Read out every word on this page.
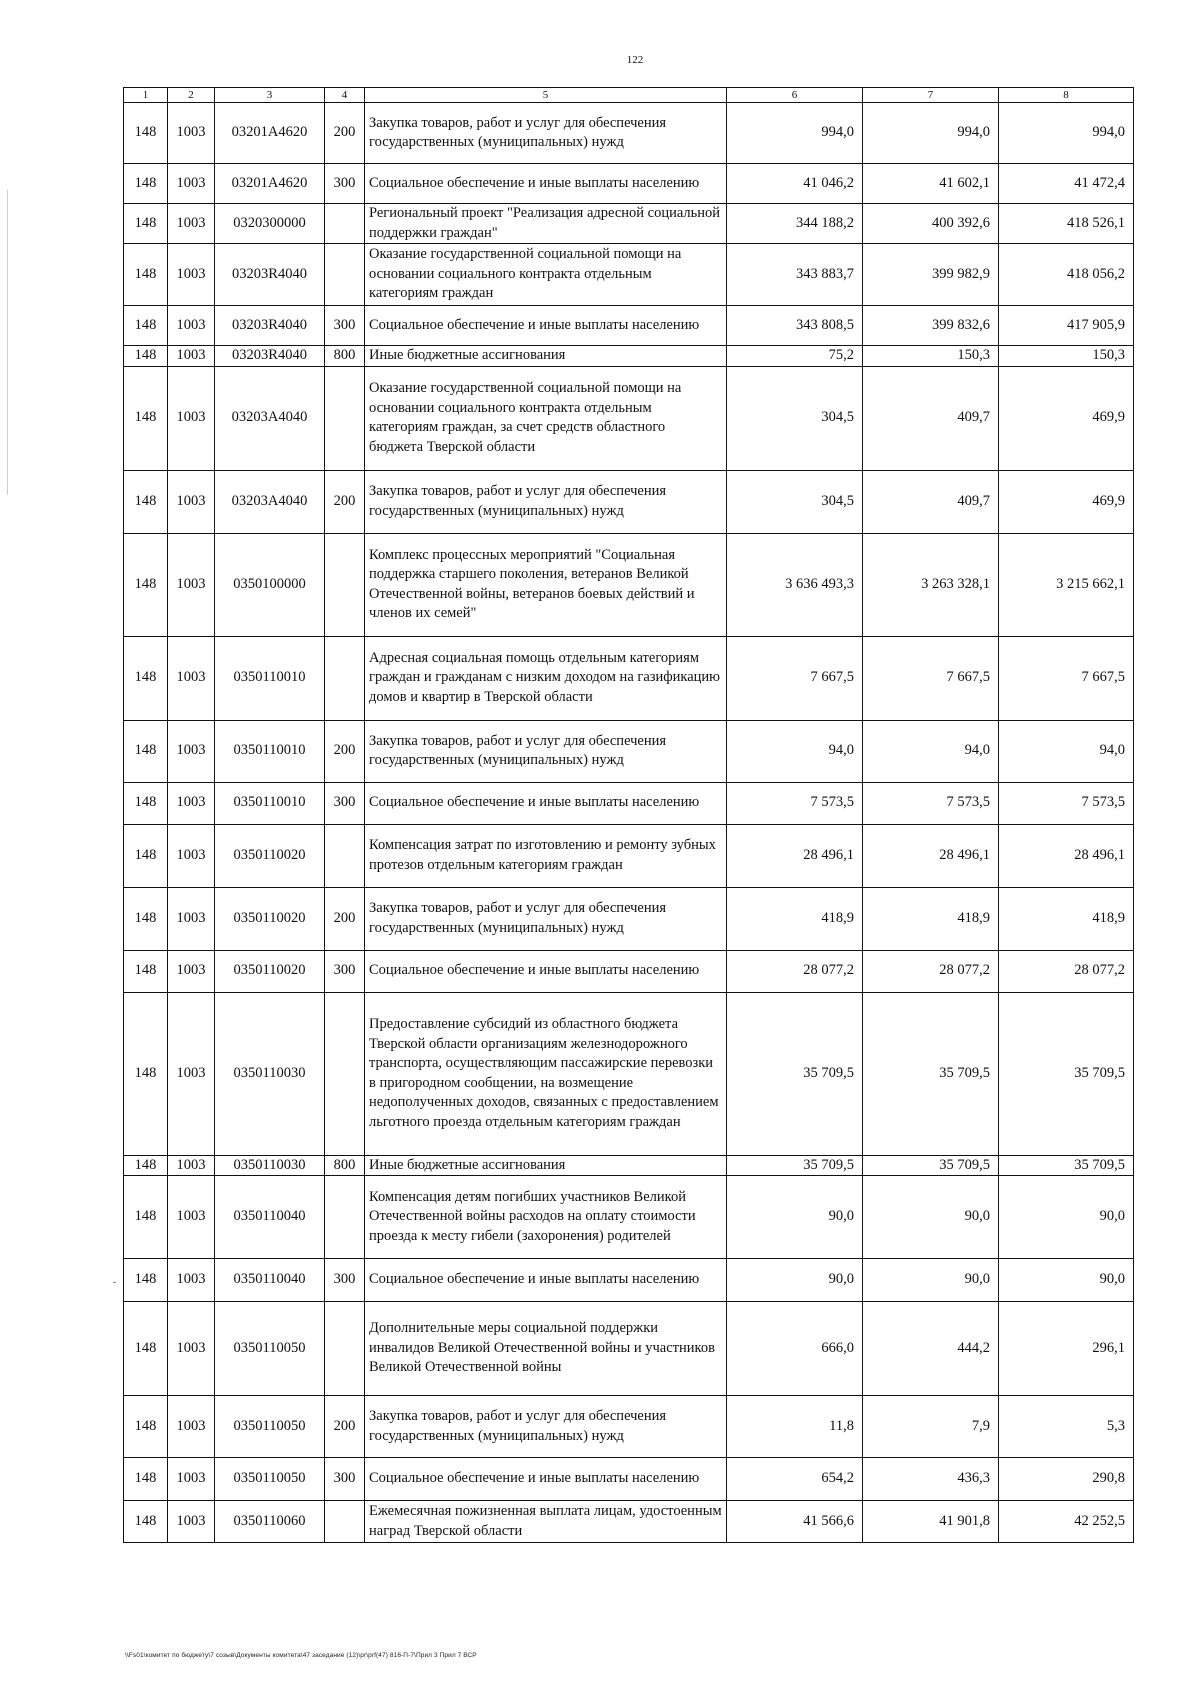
122
1	2	3	4	5	6	7	8
148	1003	03201A4620	200	Закупка товаров, работ и услуг для обеспечения государственных (муниципальных) нужд	994,0	994,0	994,0
148	1003	03201A4620	300	Социальное обеспечение и иные выплаты населению	41 046,2	41 602,1	41 472,4
148	1003	0320300000		Региональный проект "Реализация адресной социальной поддержки граждан"	344 188,2	400 392,6	418 526,1
148	1003	03203R4040		Оказание государственной социальной помощи на основании социального контракта отдельным категориям граждан	343 883,7	399 982,9	418 056,2
148	1003	03203R4040	300	Социальное обеспечение и иные выплаты населению	343 808,5	399 832,6	417 905,9
148	1003	03203R4040	800	Иные бюджетные ассигнования	75,2	150,3	150,3
148	1003	03203A4040		Оказание государственной социальной помощи на основании социального контракта отдельным категориям граждан, за счет средств областного бюджета Тверской области	304,5	409,7	469,9
148	1003	03203A4040	200	Закупка товаров, работ и услуг для обеспечения государственных (муниципальных) нужд	304,5	409,7	469,9
148	1003	0350100000		Комплекс процессных мероприятий "Социальная поддержка старшего поколения, ветеранов Великой Отечественной войны, ветеранов боевых действий и членов их семей"	3 636 493,3	3 263 328,1	3 215 662,1
148	1003	0350110010		Адресная социальная помощь отдельным категориям граждан и гражданам с низким доходом на газификацию домов и квартир в Тверской области	7 667,5	7 667,5	7 667,5
148	1003	0350110010	200	Закупка товаров, работ и услуг для обеспечения государственных (муниципальных) нужд	94,0	94,0	94,0
148	1003	0350110010	300	Социальное обеспечение и иные выплаты населению	7 573,5	7 573,5	7 573,5
148	1003	0350110020		Компенсация затрат по изготовлению и ремонту зубных протезов отдельным категориям граждан	28 496,1	28 496,1	28 496,1
148	1003	0350110020	200	Закупка товаров, работ и услуг для обеспечения государственных (муниципальных) нужд	418,9	418,9	418,9
148	1003	0350110020	300	Социальное обеспечение и иные выплаты населению	28 077,2	28 077,2	28 077,2
148	1003	0350110030		Предоставление субсидий из областного бюджета Тверской области организациям железнодорожного транспорта, осуществляющим пассажирские перевозки в пригородном сообщении, на возмещение недополученных доходов, связанных с предоставлением льготного проезда отдельным категориям граждан	35 709,5	35 709,5	35 709,5
148	1003	0350110030	800	Иные бюджетные ассигнования	35 709,5	35 709,5	35 709,5
148	1003	0350110040		Компенсация детям погибших участников Великой Отечественной войны расходов на оплату стоимости проезда к месту гибели (захоронения) родителей	90,0	90,0	90,0
148	1003	0350110040	300	Социальное обеспечение и иные выплаты населению	90,0	90,0	90,0
148	1003	0350110050		Дополнительные меры социальной поддержки инвалидов Великой Отечественной войны и участников Великой Отечественной войны	666,0	444,2	296,1
148	1003	0350110050	200	Закупка товаров, работ и услуг для обеспечения государственных (муниципальных) нужд	11,8	7,9	5,3
148	1003	0350110050	300	Социальное обеспечение и иные выплаты населению	654,2	436,3	290,8
148	1003	0350110060		Ежемесячная пожизненная выплата лицам, удостоенным наград Тверской области	41 566,6	41 901,8	42 252,5
\\Fs01\комитет по бюджету\7 созыв\Документы комитета\47 заседание (12)\pr\prf(47) 816-П-7\Прил 3 Прил 7 ВСР
